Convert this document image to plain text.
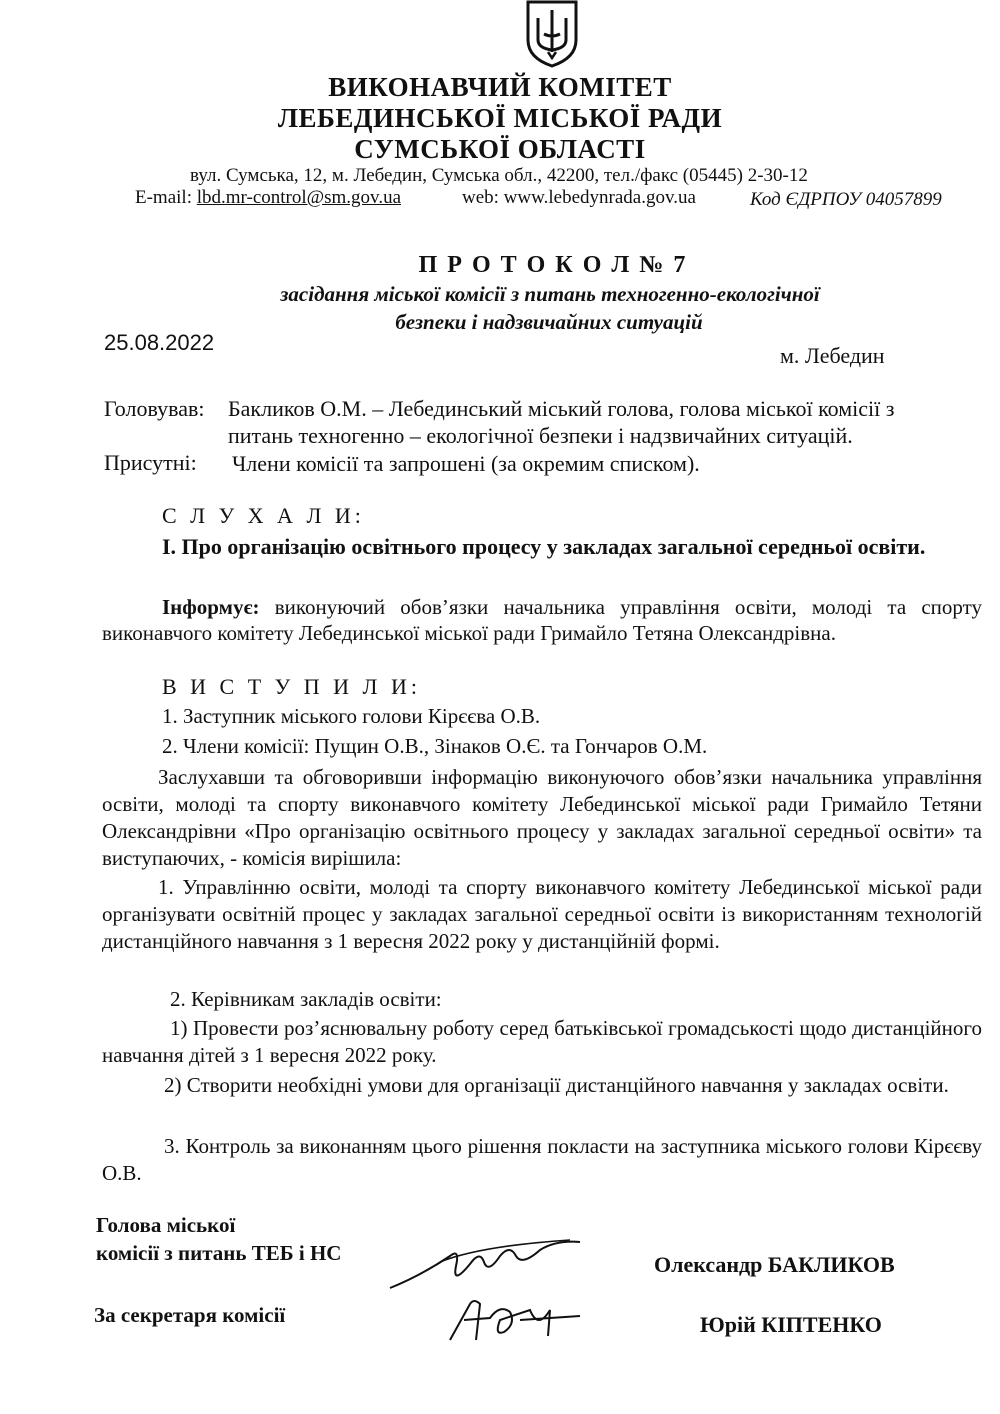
ВИКОНАВЧИЙ КОМІТЕТ
ЛЕБЕДИНСЬКОЇ МІСЬКОЇ РАДИ
СУМСЬКОЇ ОБЛАСТІ
вул. Сумська, 12, м. Лебедин, Сумська обл., 42200, тел./факс (05445) 2-30-12
E-mail: lbd.mr-control@sm.gov.ua	web: www.lebedynrada.gov.ua	Код ЄДРПОУ 04057899
П Р О Т О К О Л № 7
засідання міської комісії з питань техногенно-екологічної
безпеки і надзвичайних ситуацій
25.08.2022
м. Лебедин
Головував: Бакликов О.М. – Лебединський міський голова, голова міської комісії з
питань техногенно – екологічної безпеки і надзвичайних ситуацій.
Присутні: Члени комісії та запрошені (за окремим списком).
С Л У Х А Л И:
I. Про організацію освітнього процесу у закладах загальної середньої освіти.
Інформує: виконуючий обов’язки начальника управління освіти, молоді та спорту виконавчого комітету Лебединської міської ради Гримайло Тетяна Олександрівна.
В И С Т У П И Л И:
1. Заступник міського голови Кірєєва О.В.
2. Члени комісії: Пущин О.В., Зінаков О.Є. та Гончаров О.М.
Заслухавши та обговоривши інформацію виконуючого обов’язки начальника управління освіти, молоді та спорту виконавчого комітету Лебединської міської ради Гримайло Тетяни Олександрівни «Про організацію освітнього процесу у закладах загальної середньої освіти» та виступаючих, - комісія вирішила:
1. Управлінню освіти, молоді та спорту виконавчого комітету Лебединської міської ради організувати освітній процес у закладах загальної середньої освіти із використанням технологій дистанційного навчання з 1 вересня 2022 року у дистанційній формі.
2. Керівникам закладів освіти:
1) Провести роз’яснювальну роботу серед батьківської громадськості щодо дистанційного навчання дітей з 1 вересня 2022 року.
2) Створити необхідні умови для організації дистанційного навчання у закладах освіти.
3. Контроль за виконанням цього рішення покласти на заступника міського голови Кірєєву О.В.
Голова міської
комісії з питань ТЕБ і НС	Олександр БАКЛИКОВ
За секретаря комісії	Юрій КІПТЕНКО
